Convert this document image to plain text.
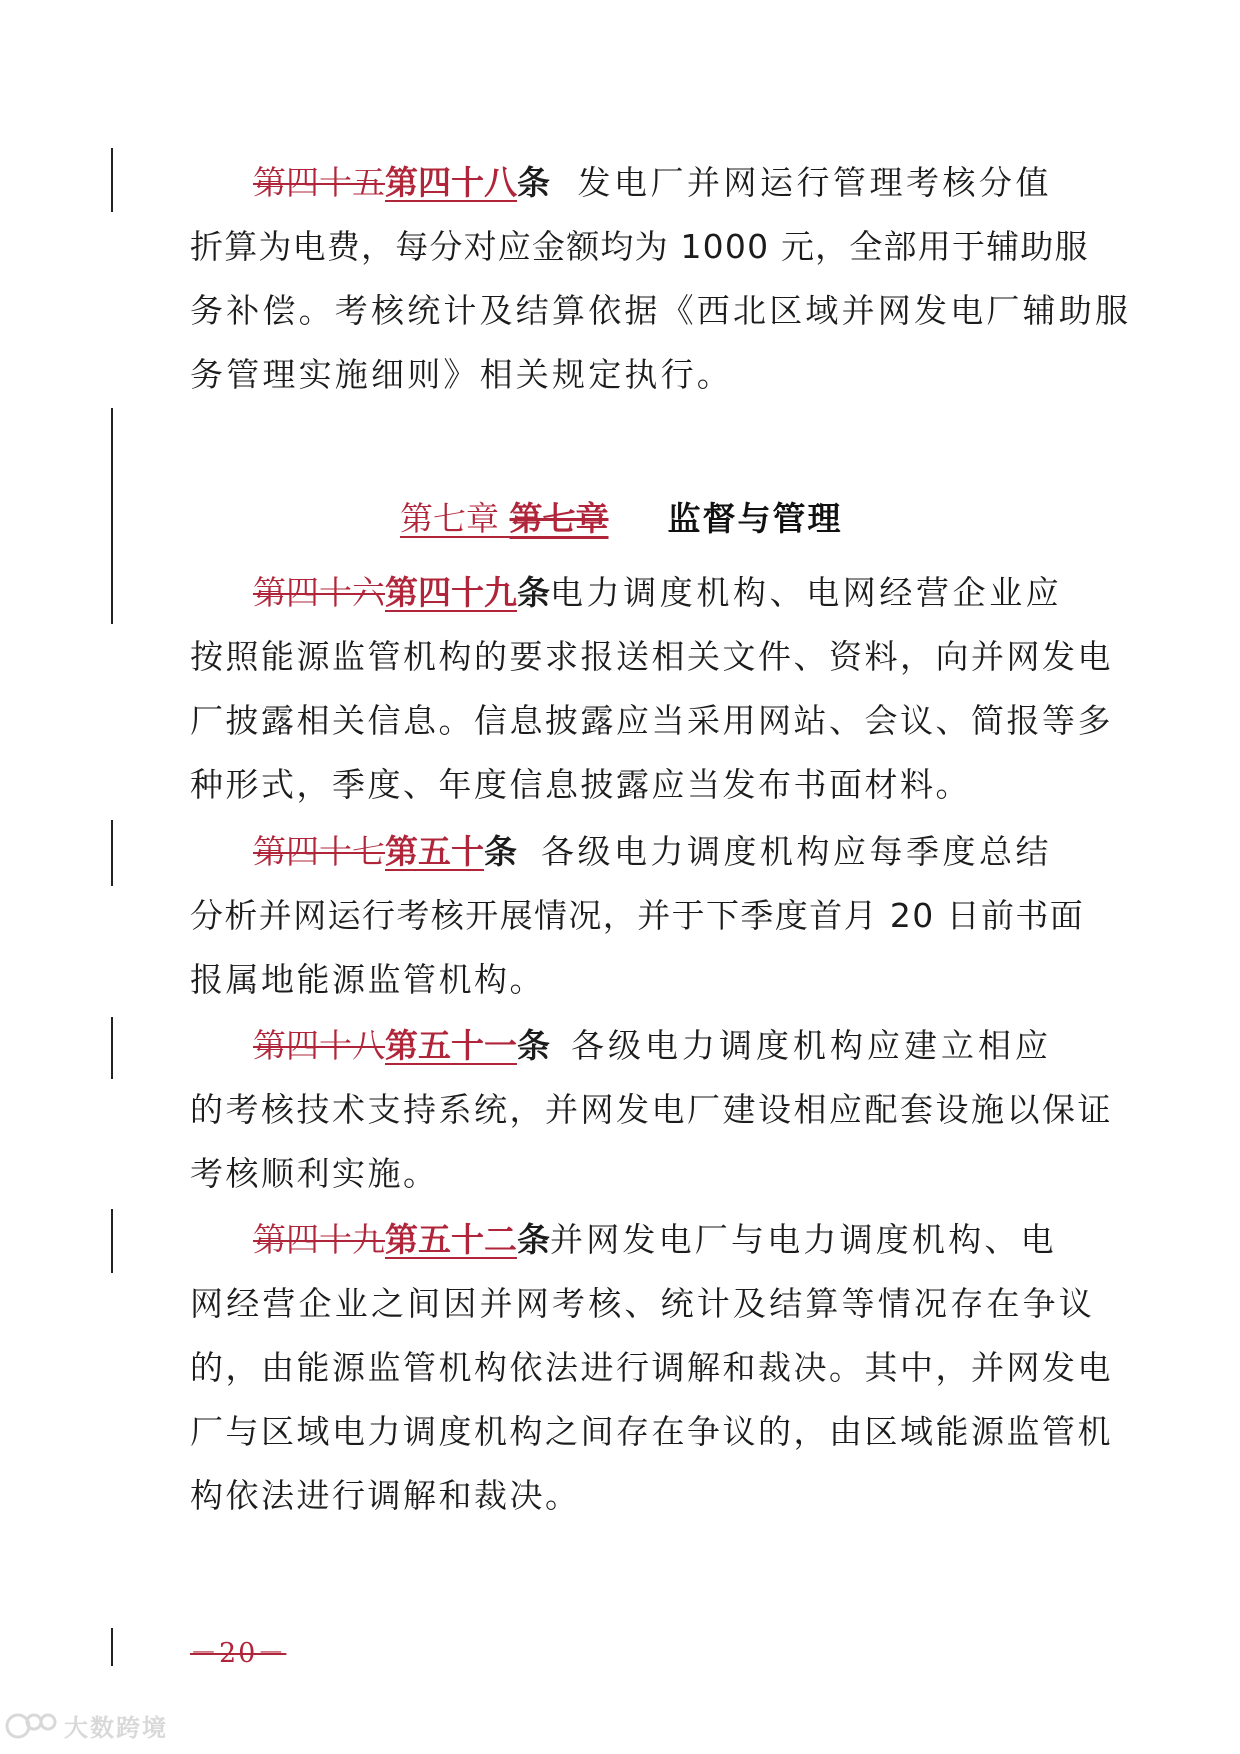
第四十五第四十八条 发电厂并网运行管理考核分值
折算为电费，每分对应金额均为 1000 元，全部用于辅助服
务补偿。考核统计及结算依据《西北区域并网发电厂辅助服
务管理实施细则》相关规定执行。
第七章 第七章 监督与管理
第四十六第四十九条 电力调度机构、电网经营企业应
按照能源监管机构的要求报送相关文件、资料，向并网发电
厂披露相关信息。信息披露应当采用网站、会议、简报等多
种形式，季度、年度信息披露应当发布书面材料。
第四十七第五十条 各级电力调度机构应每季度总结
分析并网运行考核开展情况，并于下季度首月 20 日前书面
报属地能源监管机构。
第四十八第五十一条 各级电力调度机构应建立相应
的考核技术支持系统，并网发电厂建设相应配套设施以保证
考核顺利实施。
第四十九第五十二条 并网发电厂与电力调度机构、电
网经营企业之间因并网考核、统计及结算等情况存在争议
的，由能源监管机构依法进行调解和裁决。其中，并网发电
厂与区域电力调度机构之间存在争议的，由区域能源监管机
构依法进行调解和裁决。
－20－
大数跨境
